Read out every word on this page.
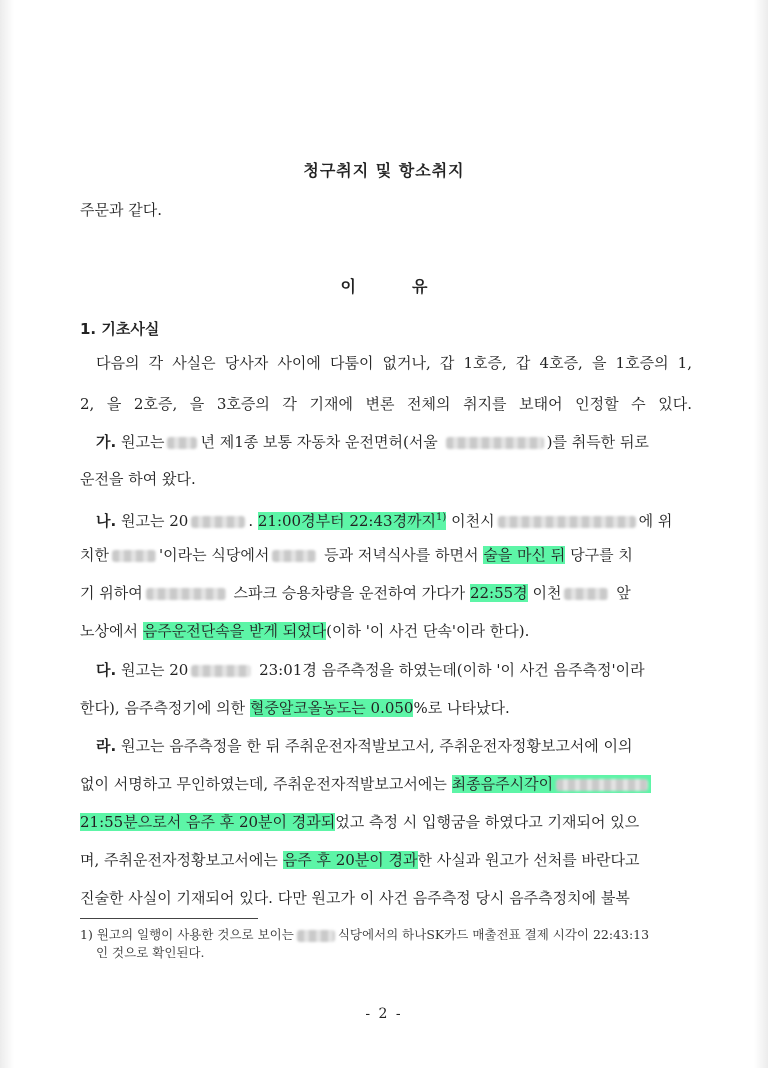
청구취지 및 항소취지
주문과 같다.
이	유
1. 기초사실
다음의 각 사실은 당사자 사이에 다툼이 없거나, 갑 1호증, 갑 4호증, 을 1호증의 1,
2, 을 2호증, 을 3호증의 각 기재에 변론 전체의 취지를 보태어 인정할 수 있다.
가. 원고는 년 제1종 보통 자동차 운전면허(서울	)를 취득한 뒤로
운전을 하여 왔다.
나. 원고는 20	. 21:00경부터 22:43경까지$^{1)}$ 이천시	에 위
치한	'이라는 식당에서	등과 저녁식사를 하면서 술을 마신 뒤 당구를 치
기 위하여	스파크 승용차량을 운전하여 가다가 22:55경 이천	앞
노상에서 음주운전단속을 받게 되었다(이하 '이 사건 단속'이라 한다).
다. 원고는 20	23:01경 음주측정을 하였는데(이하 '이 사건 음주측정'이라
한다), 음주측정기에 의한 혈중알코올농도는 0.050%로 나타났다.
라. 원고는 음주측정을 한 뒤 주취운전자적발보고서, 주취운전자정황보고서에 이의
없이 서명하고 무인하였는데, 주취운전자적발보고서에는 최종음주시각이
21:55분으로서 음주 후 20분이 경과되었고 측정 시 입행굼을 하였다고 기재되어 있으
며, 주취운전자정황보고서에는 음주 후 20분이 경과한 사실과 원고가 선처를 바란다고
진술한 사실이 기재되어 있다. 다만 원고가 이 사건 음주측정 당시 음주측정치에 불복
1) 원고의 일행이 사용한 것으로 보이는	식당에서의 하나SK카드 매출전표 결제 시각이 22:43:13
인 것으로 확인된다.
- 2 -
